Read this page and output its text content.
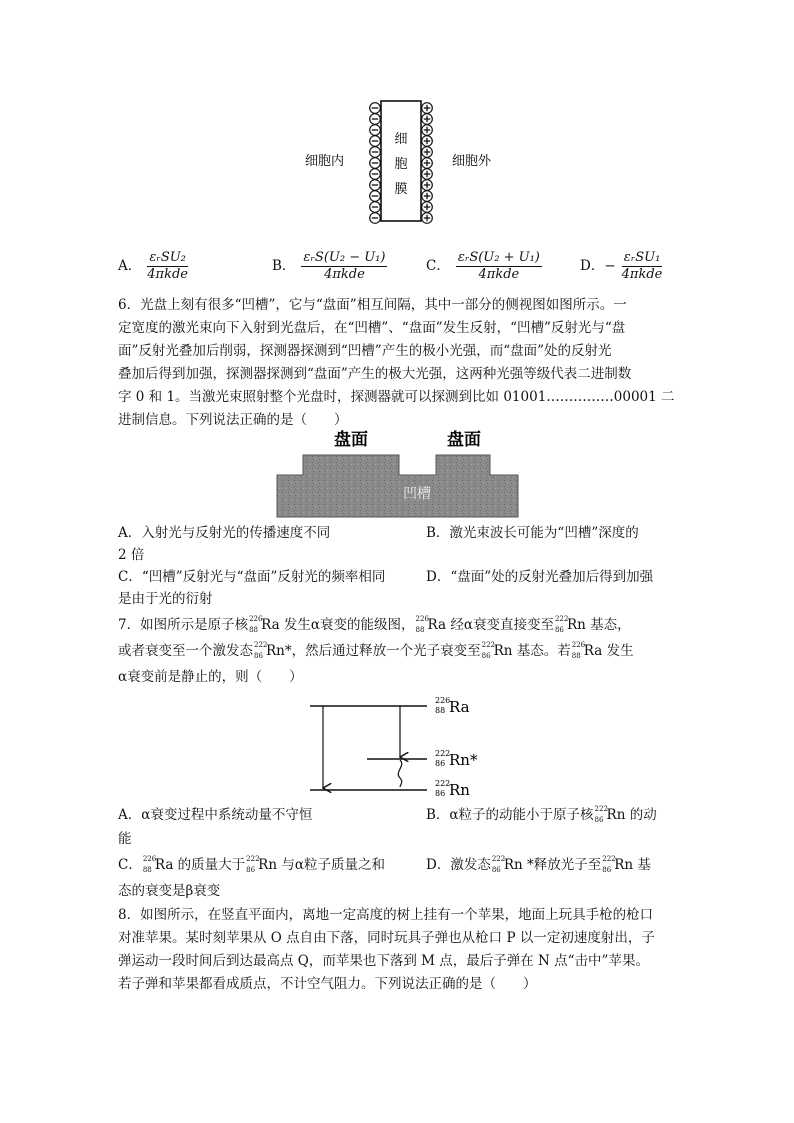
细
胞
膜
细胞内	细胞外
A． $\frac{\text{εᵣSU₂}}{\text{4πkde}}$	B． $\frac{\text{εᵣS(U₂ − U₁)}}{\text{4πkde}}$	C． $\frac{\text{εᵣS(U₂ + U₁)}}{\text{4πkde}}$	D．− $\frac{\text{εᵣSU₁}}{\text{4πkde}}$
6．光盘上刻有很多“凹槽”，它与“盘面”相互间隔，其中一部分的侧视图如图所示。一
定宽度的激光束向下入射到光盘后，在“凹槽”、“盘面”发生反射，“凹槽”反射光与“盘
面”反射光叠加后削弱，探测器探测到“凹槽”产生的极小光强，而“盘面”处的反射光
叠加后得到加强，探测器探测到“盘面”产生的极大光强，这两种光强等级代表二进制数
字 0 和 1。当激光束照射整个光盘时，探测器就可以探测到比如 01001……………00001 二
进制信息。下列说法正确的是（　　）
盘面	盘面
凹槽
A．入射光与反射光的传播速度不同	B．激光束波长可能为“凹槽”深度的
2 倍
C．“凹槽”反射光与“盘面”反射光的频率相同	D．“盘面”处的反射光叠加后得到加强
是由于光的衍射
7．如图所示是原子核 226
88 Ra 发生α衰变的能级图， 226
88 Ra 经α衰变直接变至 222
86 Rn 基态，
或者衰变至一个激发态 222
86 Rn*，然后通过释放一个光子衰变至 222
86 Rn 基态。若 226
88 Ra 发生
α衰变前是静止的，则（　　）
226
88 Ra
222
86 Rn*
222
86 Rn
A．α衰变过程中系统动量不守恒	B．α粒子的动能小于原子核 222
86 Rn 的动
能
C． 226
88 Ra 的质量大于 222
86 Rn 与α粒子质量之和	D．激发态 222
86 Rn *释放光子至 222
86 Rn 基
态的衰变是β衰变
8．如图所示，在竖直平面内，离地一定高度的树上挂有一个苹果，地面上玩具手枪的枪口
对准苹果。某时刻苹果从 O 点自由下落，同时玩具子弹也从枪口 P 以一定初速度射出，子
弹运动一段时间后到达最高点 Q，而苹果也下落到 M 点，最后子弹在 N 点“击中”苹果。
若子弹和苹果都看成质点，不计空气阻力。下列说法正确的是（　　）
